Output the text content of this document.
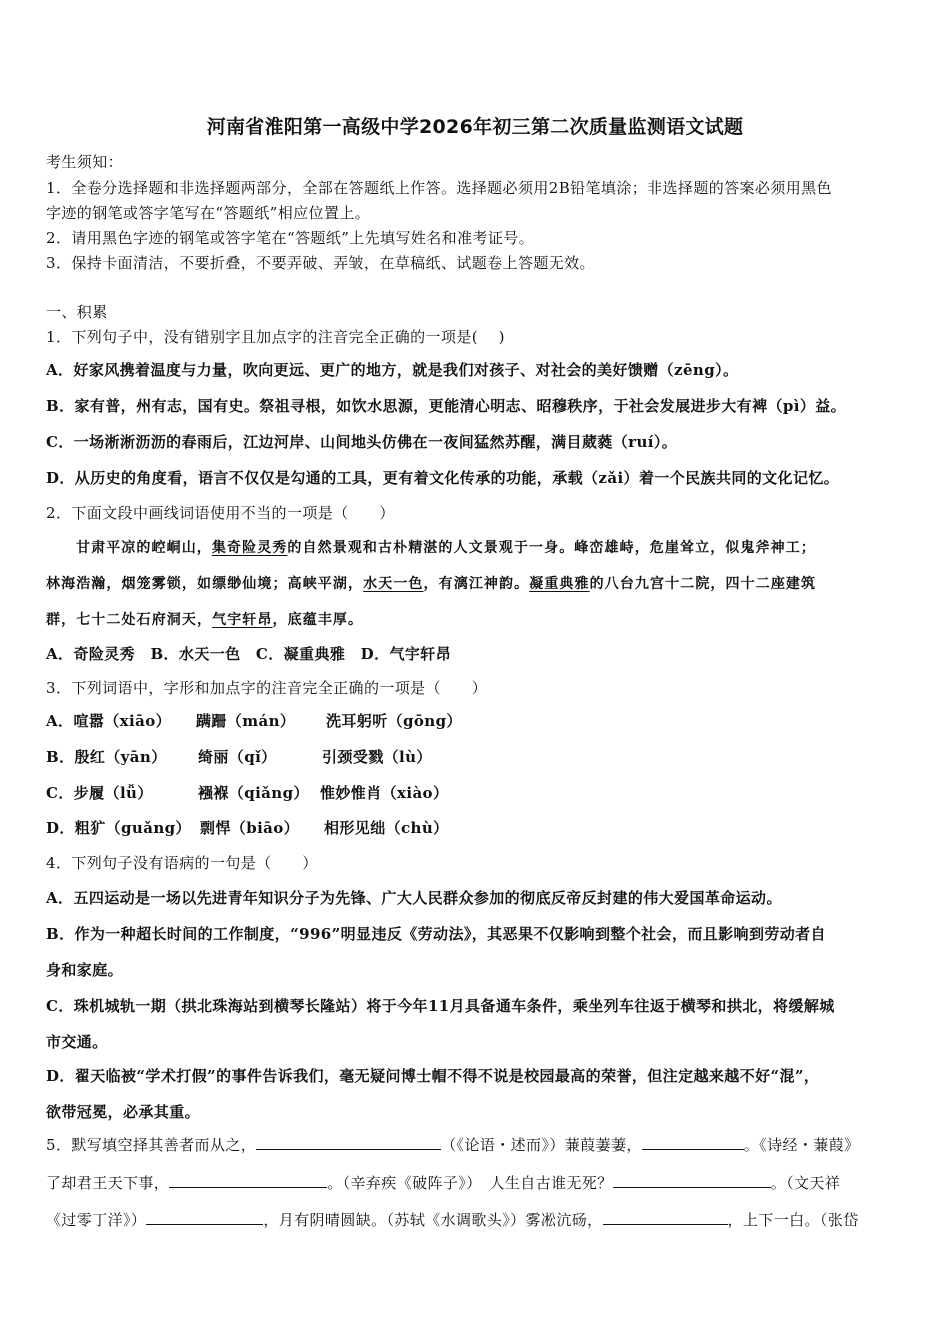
河南省淮阳第一高级中学2026年初三第二次质量监测语文试题
考生须知：
1．全卷分选择题和非选择题两部分，全部在答题纸上作答。选择题必须用2B铅笔填涂；非选择题的答案必须用黑色
字迹的钢笔或答字笔写在“答题纸”相应位置上。
2．请用黑色字迹的钢笔或答字笔在“答题纸”上先填写姓名和准考证号。
3．保持卡面清洁，不要折叠，不要弄破、弄皱，在草稿纸、试题卷上答题无效。
一、积累
1．下列句子中，没有错别字且加点字的注音完全正确的一项是(　 )
A．好家风携着温度与力量，吹向更远、更广的地方，就是我们对孩子、对社会的美好馈赠（zēng）。
B．家有普，州有志，国有史。祭祖寻根，如饮水思源，更能清心明志、昭穆秩序，于社会发展进步大有裨（pì）益。
C．一场淅淅沥沥的春雨后，江边河岸、山间地头仿佛在一夜间猛然苏醒，满目葳蕤（ruí）。
D．从历史的角度看，语言不仅仅是勾通的工具，更有着文化传承的功能，承载（zǎi）着一个民族共同的文化记忆。
2．下面文段中画线词语使用不当的一项是（　　）
甘肃平凉的崆峒山，集奇险灵秀的自然景观和古朴精湛的人文景观于一身。峰峦雄峙，危崖耸立，似鬼斧神工；
林海浩瀚，烟笼雾锁，如缥缈仙境；高峡平湖，水天一色，有漓江神韵。凝重典雅的八台九宫十二院，四十二座建筑
群，七十二处石府洞天，气宇轩昂，底蕴丰厚。
A．奇险灵秀　B．水天一色　C．凝重典雅　D．气宇轩昂
3．下列词语中，字形和加点字的注音完全正确的一项是（　　）
A．喧嚣（xiāo） 蹒跚（mán） 洗耳躬听（gōng）
B．殷红（yān） 绮丽（qǐ）	引颈受戮（lù）
C．步履（lǚ）	襁褓（qiǎng） 惟妙惟肖（xiào）
D．粗犷（guǎng） 剽悍（biāo） 相形见绌（chù）
4．下列句子没有语病的一句是（　　）
A．五四运动是一场以先进青年知识分子为先锋、广大人民群众参加的彻底反帝反封建的伟大爱国革命运动。
B．作为一种超长时间的工作制度，“996”明显违反《劳动法》，其恶果不仅影响到整个社会，而且影响到劳动者自
身和家庭。
C．珠机城轨一期（拱北珠海站到横琴长隆站）将于今年11月具备通车条件，乘坐列车往返于横琴和拱北，将缓解城
市交通。
D．翟天临被“学术打假”的事件告诉我们，毫无疑问博士帽不得不说是校园最高的荣誉，但注定越来越不好“混”，
欲带冠冕，必承其重。
5．默写填空择其善者而从之，	（《论语・述而》）蒹葭萋萋，	。《诗经・蒹葭》
了却君王天下事，	。（辛弃疾《破阵子》）　人生自古谁无死？	。（文天祥
《过零丁洋》）	，月有阴晴圆缺。（苏轼《水调歌头》）雾凇沆砀，	，上下一白。（张岱
